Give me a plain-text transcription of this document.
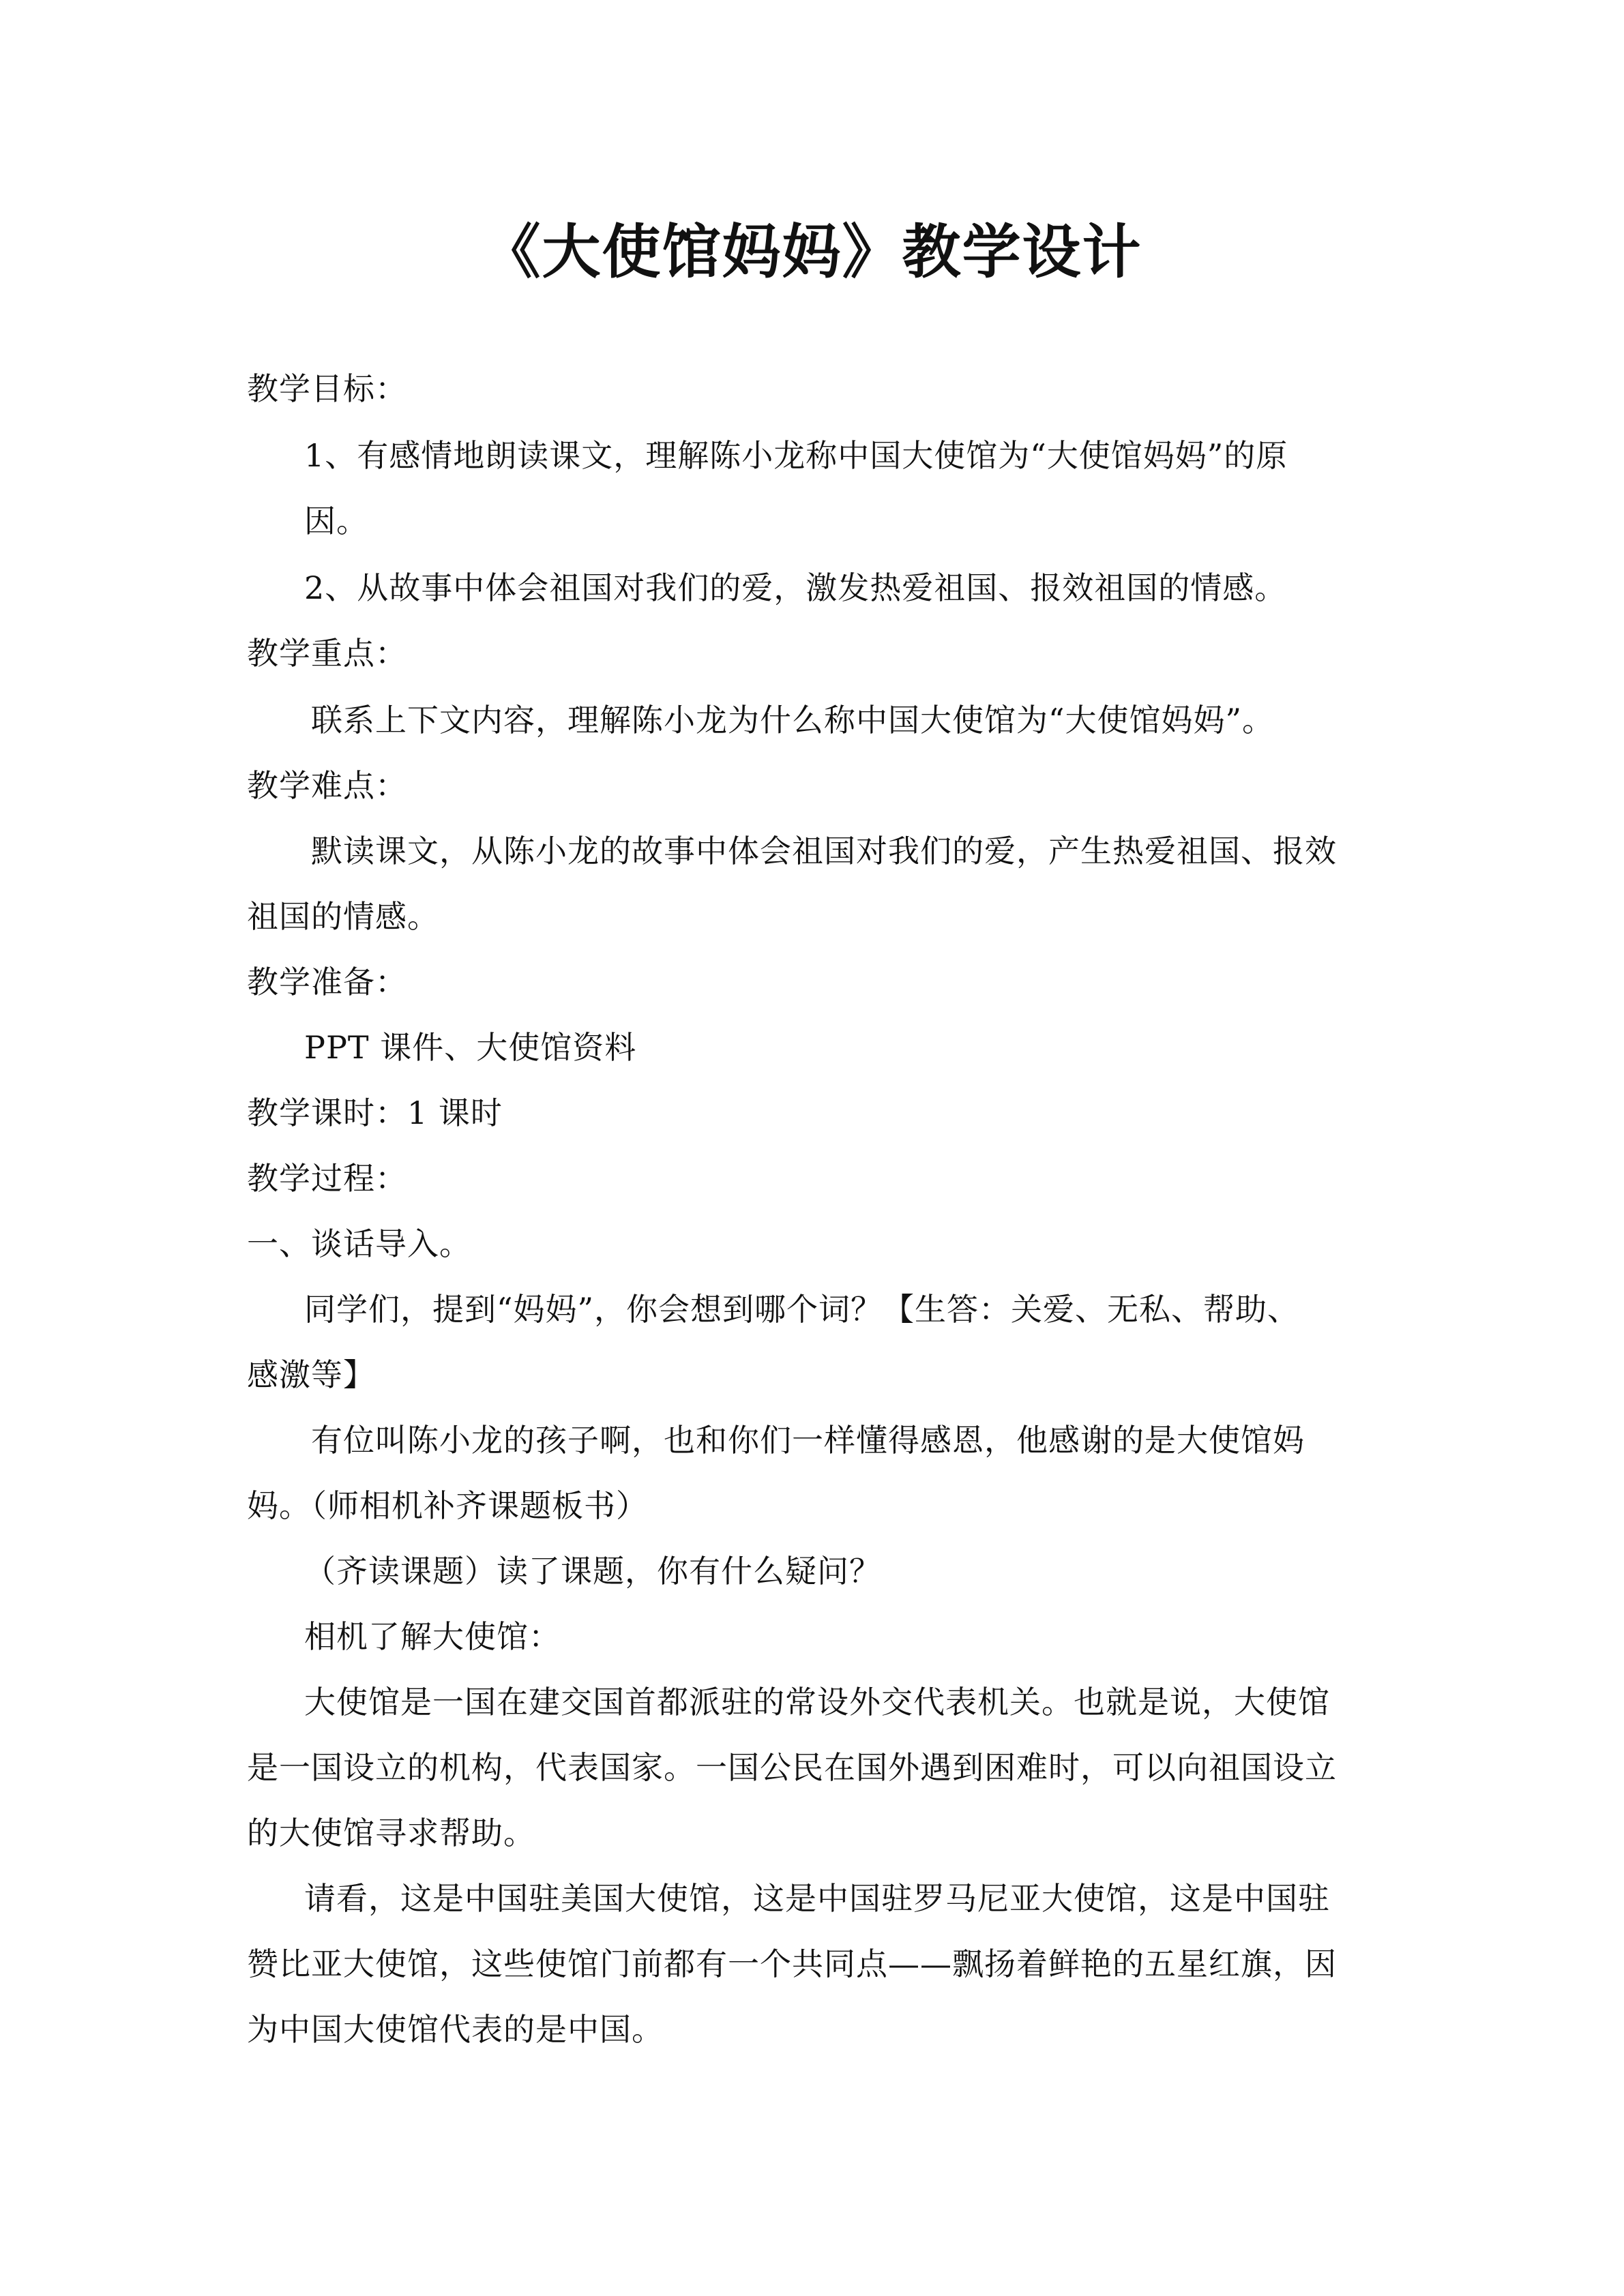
《大使馆妈妈》教学设计
教学目标：
1、有感情地朗读课文，理解陈小龙称中国大使馆为“大使馆妈妈”的原
因。
2、从故事中体会祖国对我们的爱，激发热爱祖国、报效祖国的情感。
教学重点：
联系上下文内容，理解陈小龙为什么称中国大使馆为“大使馆妈妈”。
教学难点：
默读课文，从陈小龙的故事中体会祖国对我们的爱，产生热爱祖国、报效
祖国的情感。
教学准备：
PPT 课件、大使馆资料
教学课时：1 课时
教学过程：
一、谈话导入。
同学们，提到“妈妈”，你会想到哪个词？【生答：关爱、无私、帮助、
感激等】
有位叫陈小龙的孩子啊，也和你们一样懂得感恩，他感谢的是大使馆妈
妈。（师相机补齐课题板书）
（齐读课题）读了课题，你有什么疑问？
相机了解大使馆：
大使馆是一国在建交国首都派驻的常设外交代表机关。也就是说，大使馆
是一国设立的机构，代表国家。一国公民在国外遇到困难时，可以向祖国设立
的大使馆寻求帮助。
请看，这是中国驻美国大使馆，这是中国驻罗马尼亚大使馆，这是中国驻
赞比亚大使馆，这些使馆门前都有一个共同点——飘扬着鲜艳的五星红旗，因
为中国大使馆代表的是中国。
